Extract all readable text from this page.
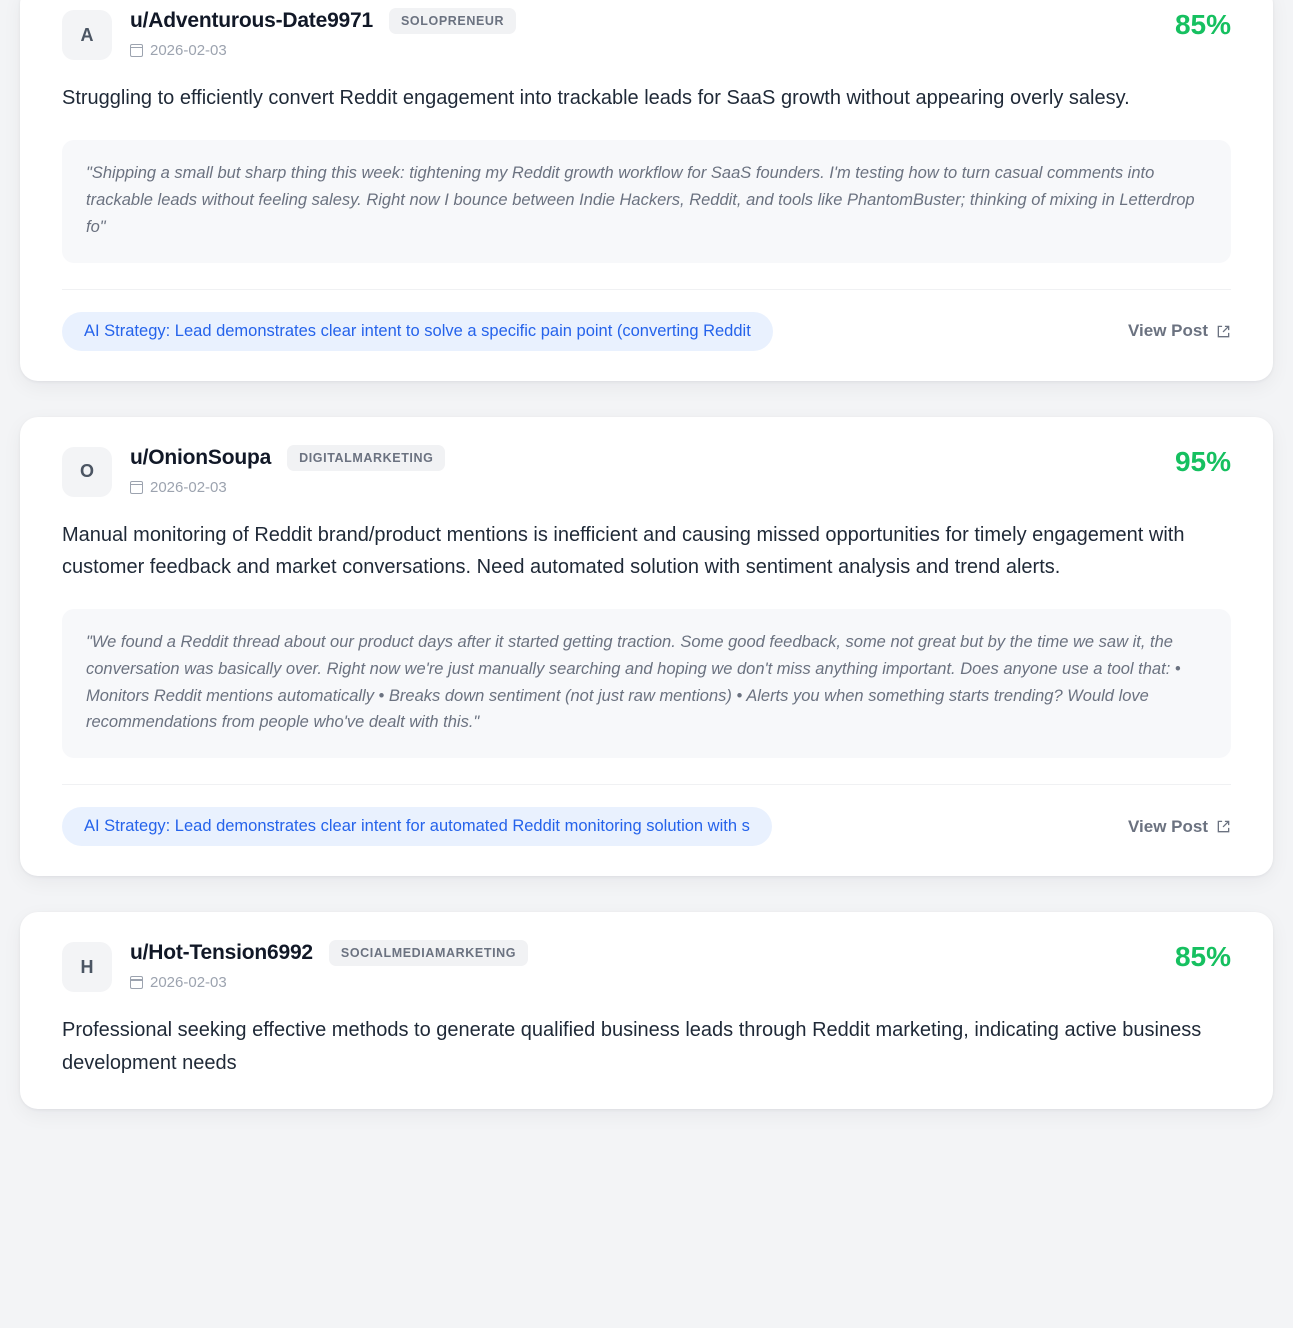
A
u/Adventurous-Date9971	SOLOPRENEUR
2026-02-03
85%
Struggling to efficiently convert Reddit engagement into trackable leads for SaaS growth without appearing overly salesy.
"Shipping a small but sharp thing this week: tightening my Reddit growth workflow for SaaS founders. I'm testing how to turn casual comments into trackable leads without feeling salesy. Right now I bounce between Indie Hackers, Reddit, and tools like PhantomBuster; thinking of mixing in Letterdrop fo"
AI Strategy: Lead demonstrates clear intent to solve a specific pain point (converting Reddit	View Post
O
u/OnionSoupa	DIGITALMARKETING
2026-02-03
95%
Manual monitoring of Reddit brand/product mentions is inefficient and causing missed opportunities for timely engagement with customer feedback and market conversations. Need automated solution with sentiment analysis and trend alerts.
"We found a Reddit thread about our product days after it started getting traction. Some good feedback, some not great but by the time we saw it, the conversation was basically over. Right now we're just manually searching and hoping we don't miss anything important. Does anyone use a tool that: • Monitors Reddit mentions automatically • Breaks down sentiment (not just raw mentions) • Alerts you when something starts trending? Would love recommendations from people who've dealt with this."
AI Strategy: Lead demonstrates clear intent for automated Reddit monitoring solution with s	View Post
H
u/Hot-Tension6992	SOCIALMEDIAMARKETING
2026-02-03
85%
Professional seeking effective methods to generate qualified business leads through Reddit marketing, indicating active business development needs
